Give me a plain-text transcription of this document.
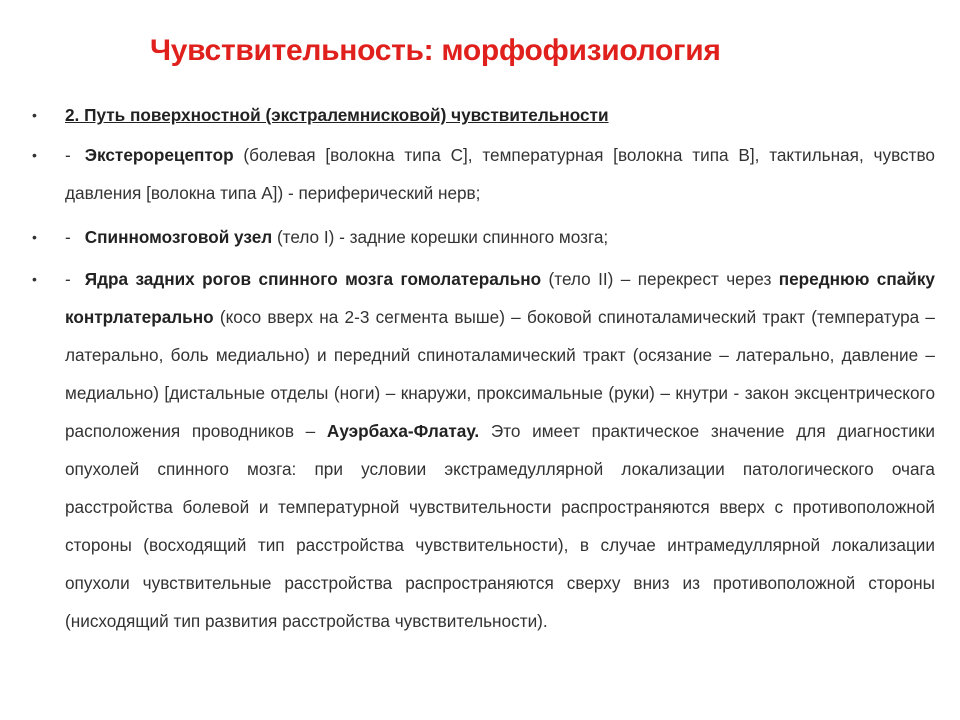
Чувствительность: морфофизиология
• 2. Путь поверхностной (экстралемнисковой) чувствительности
• - Экстерорецептор (болевая [волокна типа C], температурная [волокна типа B], тактильная, чувство давления [волокна типа A]) - периферический нерв;
• - Спинномозговой узел (тело I) - задние корешки спинного мозга;
• - Ядра задних рогов спинного мозга гомолатерально (тело II) – перекрест через переднюю спайку контрлатерально (косо вверх на 2-3 сегмента выше) – боковой спиноталамический тракт (температура – латерально, боль медиально) и передний спиноталамический тракт (осязание – латерально, давление – медиально) [дистальные отделы (ноги) – кнаружи, проксимальные (руки) – кнутри - закон эксцентрического расположения проводников – Ауэрбаха-Флатау. Это имеет практическое значение для диагностики опухолей спинного мозга: при условии экстрамедуллярной локализации патологического очага расстройства болевой и температурной чувствительности распространяются вверх с противоположной стороны (восходящий тип расстройства чувствительности), в случае интрамедуллярной локализации опухоли чувствительные расстройства распространяются сверху вниз из противоположной стороны (нисходящий тип развития расстройства чувствительности).
